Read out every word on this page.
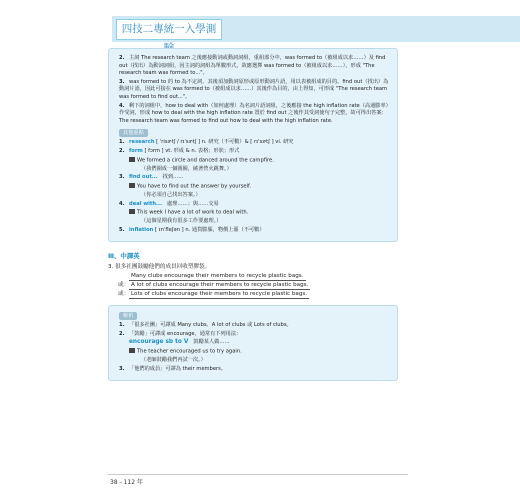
四技二專統一入學測
2. 主詞 The research team 之後應接動詞或動詞詞組，重組部分中，was formed to（被組成以求……）及 find out（找出）為動詞詞組，因主詞的詞組為單數形式，故應選擇 was formed to（被組成以求……），形成 "The research team was formed to..."。
3. was formed to 的 to 為不定詞，其後須加動詞原形或原形動詞片語，用以表被組成的目的。find out（找出）為動詞片語，因此可接在 was formed to（被組成以求……）其後作為目的，由上得知，可形成 "The research team was formed to find out..."。
4. 剩下的詞組中，how to deal with（如何處理）為名詞片語詞組，之後應接 the high inflation rate（高通膨率）作受詞，形成 how to deal with the high inflation rate 置於 find out 之後作其受詞使句子完整，故可得出答案：The research team was formed to find out how to deal with the high inflation rate.
其他重點
1. research [ ˈrisɝtʃ / rɪˈsɝtʃ ] n. 研究（不可數）& [ rɪˈsɝtʃ ] vi. 研究
2. form [ fɔrm ] vt. 形成 & n. 表格；形狀；形式
We formed a circle and danced around the campfire.
（我們圍成一個圓圈，繞著營火跳舞。）
3. find out... 找到……
You have to find out the answer by yourself.
（你必須自己找出答案。）
4. deal with... 處理……；與……交易
This week I have a lot of work to deal with.
（這個星期我有很多工作要處理。）
5. inflation [ ɪnˈfleʃən ] n. 通貨膨脹，物價上漲（不可數）
Ⅲ、中譯英
3. 很多社團鼓勵他們的成員回收塑膠袋。
Many clubs encourage their members to recycle plastic bags.
或： A lot of clubs encourage their members to recycle plastic bags.
或： Lots of clubs encourage their members to recycle plastic bags.
解析
1. 「很多社團」可譯成 Many clubs、A lot of clubs 或 Lots of clubs。
2. 「鼓勵」可譯成 encourage，通常有下列用法：
encourage sb to V 鼓勵某人做……
The teacher encouraged us to try again.
（老師鼓勵我們再試一次。）
3. 「他們的成員」可譯為 their members。
38 - 112 年
